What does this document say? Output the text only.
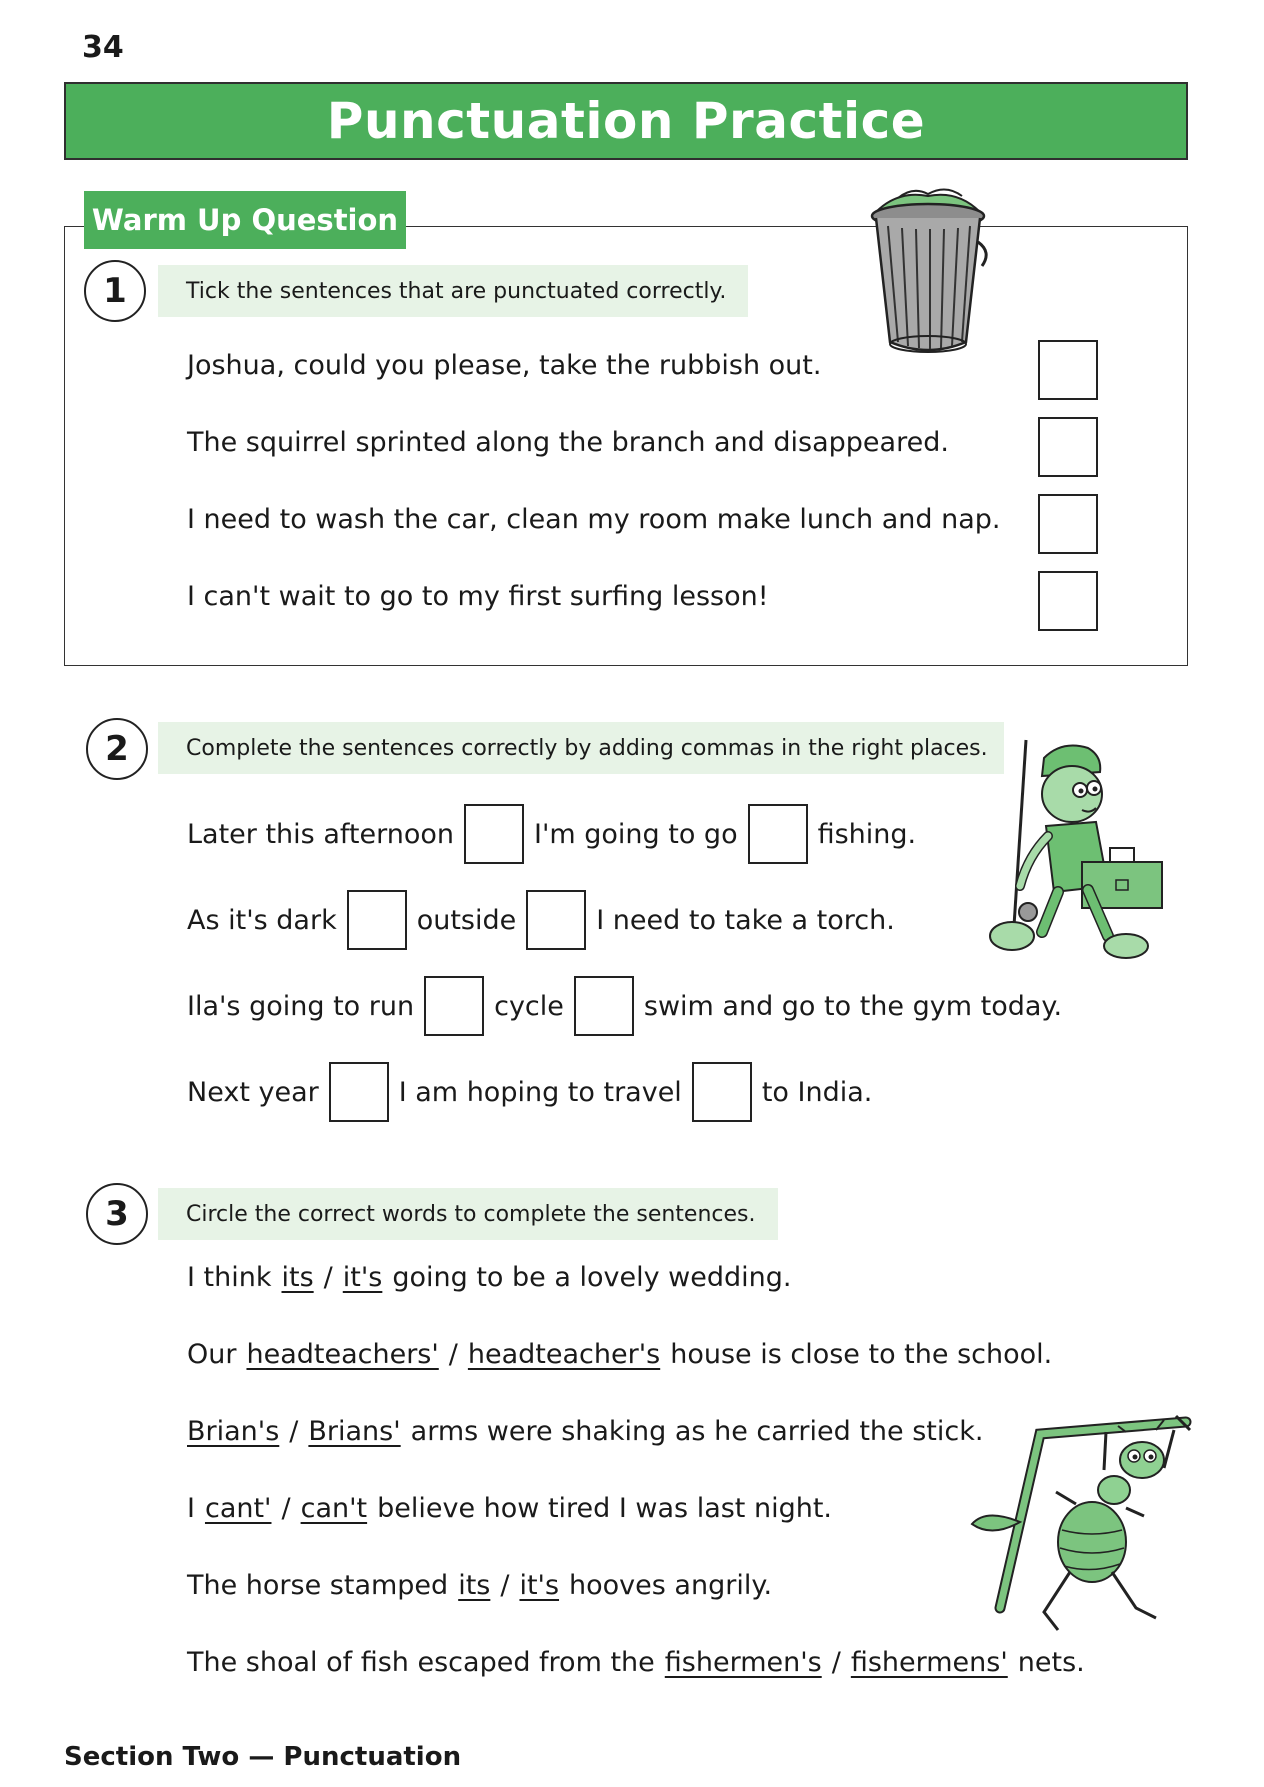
34
Punctuation Practice
Warm Up Question
1	Tick the sentences that are punctuated correctly.
Joshua, could you please, take the rubbish out.
The squirrel sprinted along the branch and disappeared.
I need to wash the car, clean my room make lunch and nap.
I can't wait to go to my first surfing lesson!
2	Complete the sentences correctly by adding commas in the right places.
Later this afternoon	I'm going to go	fishing.
As it's dark	outside	I need to take a torch.
Ila's going to run	cycle	swim and go to the gym today.
Next year	I am hoping to travel	to India.
3	Circle the correct words to complete the sentences.
I think its / it's going to be a lovely wedding.
Our headteachers' / headteacher's house is close to the school.
Brian's / Brians' arms were shaking as he carried the stick.
I cant' / can't believe how tired I was last night.
The horse stamped its / it's hooves angrily.
The shoal of fish escaped from the fishermen's / fishermens' nets.
Section Two — Punctuation
